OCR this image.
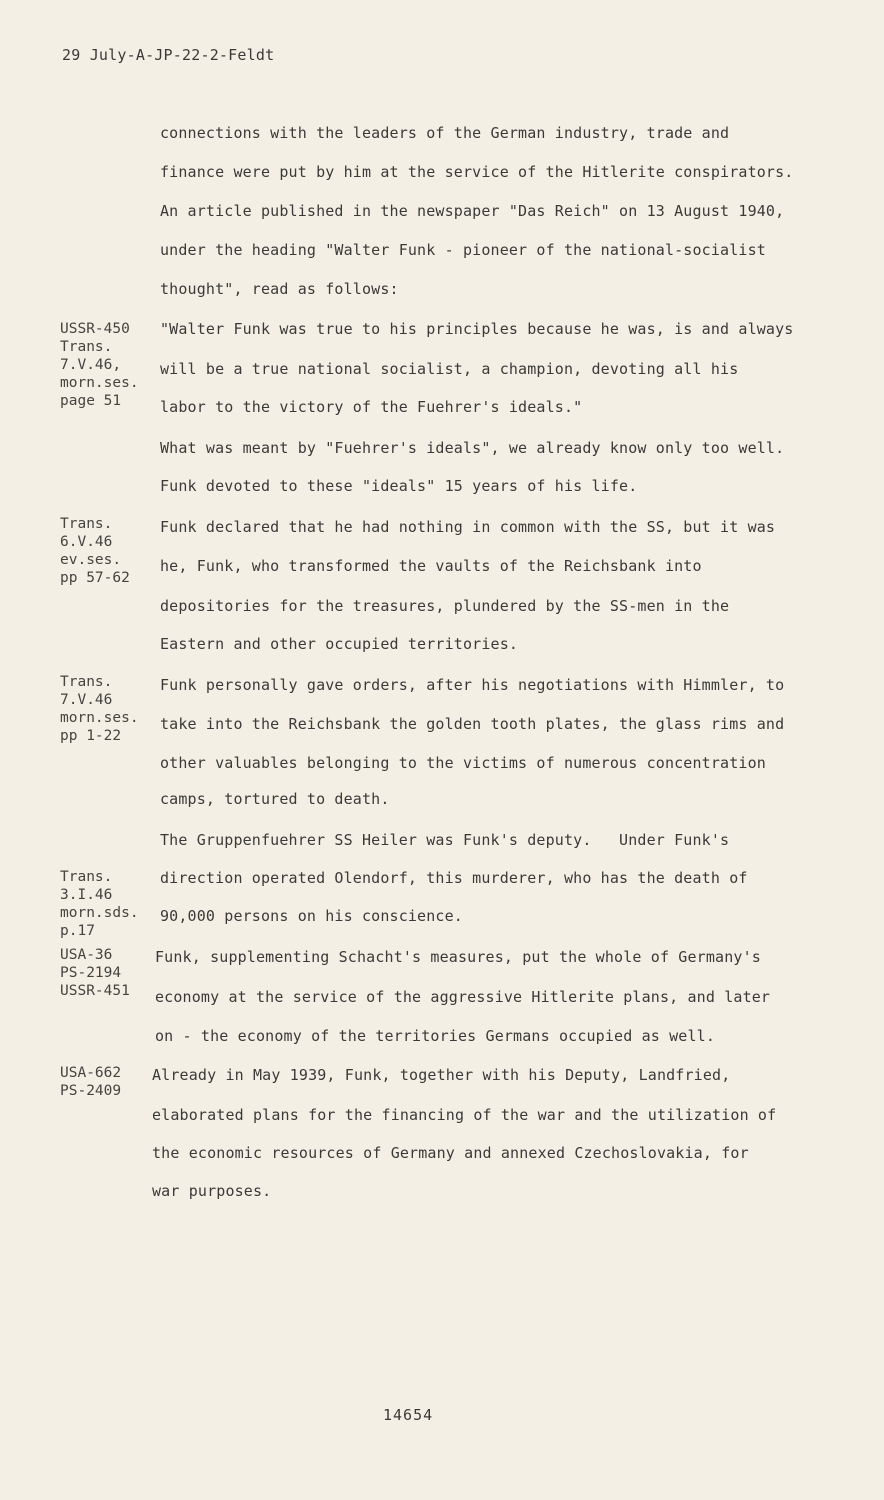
29 July-A-JP-22-2-Feldt
USSR-450
Trans.
7.V.46,
morn.ses.
page 51
Trans.
6.V.46
ev.ses.
pp 57-62
Trans.
7.V.46
morn.ses.
pp 1-22
Trans.
3.I.46
morn.sds.
p.17
USA-36
PS-2194
USSR-451
USA-662
PS-2409
connections with the leaders of the German industry, trade and
finance were put by him at the service of the Hitlerite conspirators.
An article published in the newspaper "Das Reich" on 13 August 1940,
under the heading "Walter Funk - pioneer of the national-socialist
thought", read as follows:
"Walter Funk was true to his principles because he was, is and always
will be a true national socialist, a champion, devoting all his
labor to the victory of the Fuehrer's ideals."
What was meant by "Fuehrer's ideals", we already know only too well.
Funk devoted to these "ideals" 15 years of his life.
Funk declared that he had nothing in common with the SS, but it was
he, Funk, who transformed the vaults of the Reichsbank into
depositories for the treasures, plundered by the SS-men in the
Eastern and other occupied territories.
Funk personally gave orders, after his negotiations with Himmler, to
take into the Reichsbank the golden tooth plates, the glass rims and
other valuables belonging to the victims of numerous concentration
camps, tortured to death.
The Gruppenfuehrer SS Heiler was Funk's deputy.   Under Funk's
direction operated Olendorf, this murderer, who has the death of
90,000 persons on his conscience.
Funk, supplementing Schacht's measures, put the whole of Germany's
economy at the service of the aggressive Hitlerite plans, and later
on - the economy of the territories Germans occupied as well.
Already in May 1939, Funk, together with his Deputy, Landfried,
elaborated plans for the financing of the war and the utilization of
the economic resources of Germany and annexed Czechoslovakia, for
war purposes.
14654
